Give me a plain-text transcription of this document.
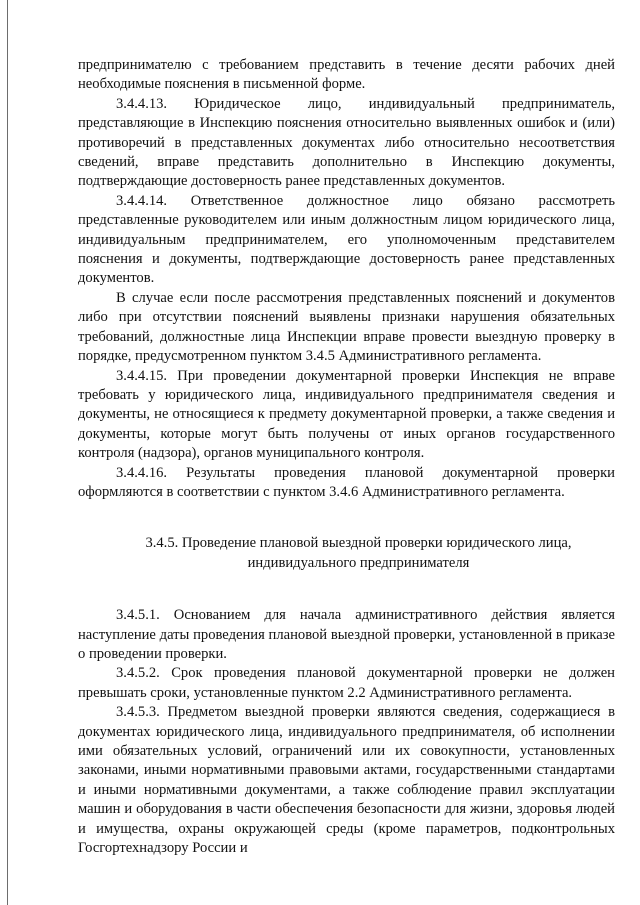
предпринимателю с требованием представить в течение десяти рабочих дней необходимые пояснения в письменной форме.

3.4.4.13. Юридическое лицо, индивидуальный предприниматель, представляющие в Инспекцию пояснения относительно выявленных ошибок и (или) противоречий в представленных документах либо относительно несоответствия сведений, вправе представить дополнительно в Инспекцию документы, подтверждающие достоверность ранее представленных документов.

3.4.4.14. Ответственное должностное лицо обязано рассмотреть представленные руководителем или иным должностным лицом юридического лица, индивидуальным предпринимателем, его уполномоченным представителем пояснения и документы, подтверждающие достоверность ранее представленных документов.

В случае если после рассмотрения представленных пояснений и документов либо при отсутствии пояснений выявлены признаки нарушения обязательных требований, должностные лица Инспекции вправе провести выездную проверку в порядке, предусмотренном пунктом 3.4.5 Административного регламента.

3.4.4.15. При проведении документарной проверки Инспекция не вправе требовать у юридического лица, индивидуального предпринимателя сведения и документы, не относящиеся к предмету документарной проверки, а также сведения и документы, которые могут быть получены от иных органов государственного контроля (надзора), органов муниципального контроля.

3.4.4.16. Результаты проведения плановой документарной проверки оформляются в соответствии с пунктом 3.4.6 Административного регламента.

3.4.5. Проведение плановой выездной проверки юридического лица,
индивидуального предпринимателя

3.4.5.1. Основанием для начала административного действия является наступление даты проведения плановой выездной проверки, установленной в приказе о проведении проверки.

3.4.5.2. Срок проведения плановой документарной проверки не должен превышать сроки, установленные пунктом 2.2 Административного регламента.

3.4.5.3. Предметом выездной проверки являются сведения, содержащиеся в документах юридического лица, индивидуального предпринимателя, об исполнении ими обязательных условий, ограничений или их совокупности, установленных законами, иными нормативными правовыми актами, государственными стандартами и иными нормативными документами, а также соблюдение правил эксплуатации машин и оборудования в части обеспечения безопасности для жизни, здоровья людей и имущества, охраны окружающей среды (кроме параметров, подконтрольных Госгортехнадзору России и
